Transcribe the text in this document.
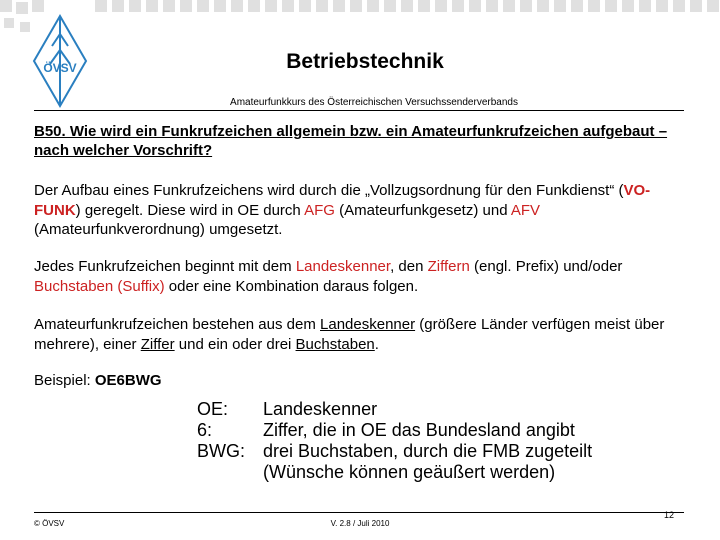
ÖVSV	Betriebstechnik
Amateurfunkkurs des Österreichischen Versuchssenderverbands
B50. Wie wird ein Funkrufzeichen allgemein bzw. ein Amateurfunkrufzeichen aufgebaut – nach welcher Vorschrift?
Der Aufbau eines Funkrufzeichens wird durch die „Vollzugsordnung für den Funkdienst“ (VO-FUNK) geregelt. Diese wird in OE durch AFG (Amateurfunkgesetz) und AFV (Amateurfunkverordnung) umgesetzt.
Jedes Funkrufzeichen beginnt mit dem Landeskenner, den Ziffern (engl. Prefix) und/oder Buchstaben (Suffix) oder eine Kombination daraus folgen.
Amateurfunkrufzeichen bestehen aus dem Landeskenner (größere Länder verfügen meist über mehrere), einer Ziffer und ein oder drei Buchstaben.
Beispiel: OE6BWG
OE:	Landeskenner
6:	Ziffer, die in OE das Bundesland angibt
BWG:	drei Buchstaben, durch die FMB zugeteilt
(Wünsche können geäußert werden)
© ÖVSV	V. 2.8 / Juli 2010
12
